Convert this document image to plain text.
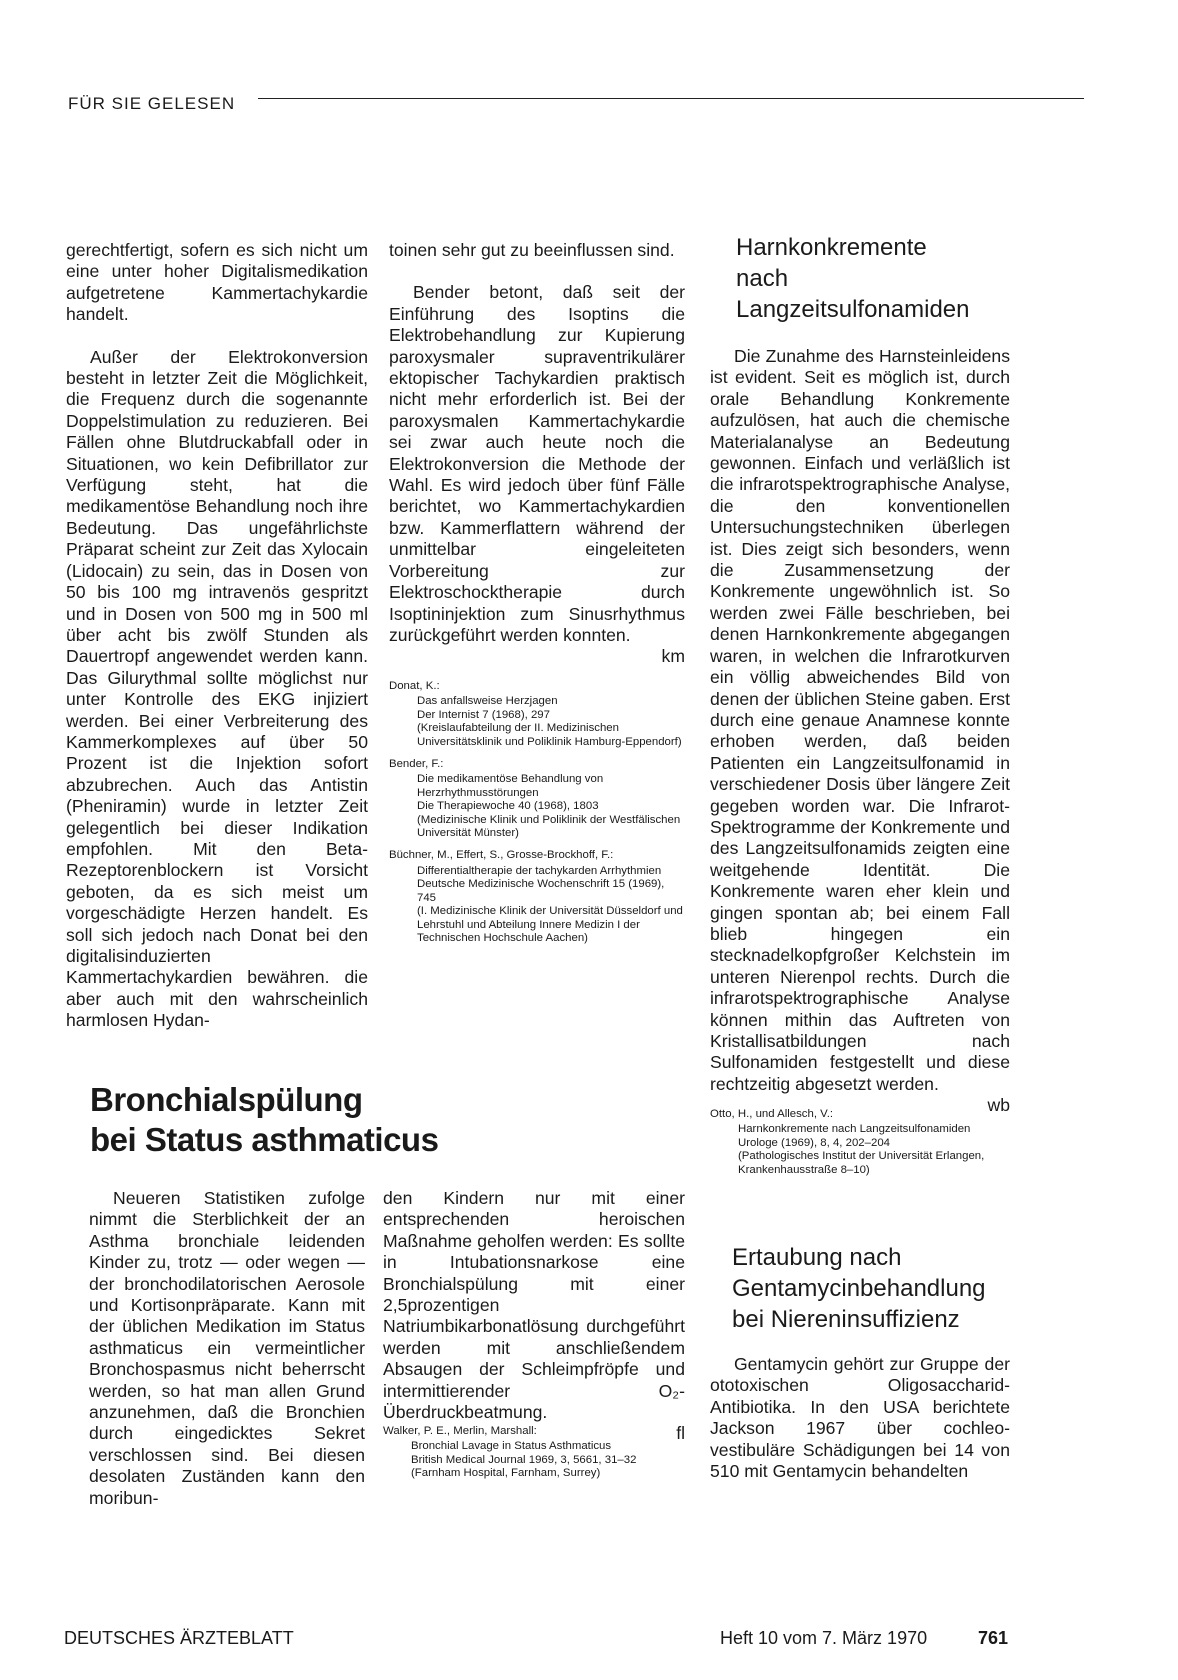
FÜR SIE GELESEN

gerechtfertigt, sofern es sich nicht um eine unter hoher Digitalismedikation aufgetretene Kammertachykardie handelt.

Außer der Elektrokonversion besteht in letzter Zeit die Möglichkeit, die Frequenz durch die sogenannte Doppelstimulation zu reduzieren. Bei Fällen ohne Blutdruckabfall oder in Situationen, wo kein Defibrillator zur Verfügung steht, hat die medikamentöse Behandlung noch ihre Bedeutung. Das ungefährlichste Präparat scheint zur Zeit das Xylocain (Lidocain) zu sein, das in Dosen von 50 bis 100 mg intravenös gespritzt und in Dosen von 500 mg in 500 ml über acht bis zwölf Stunden als Dauertropf angewendet werden kann. Das Gilurythmal sollte möglichst nur unter Kontrolle des EKG injiziert werden. Bei einer Verbreiterung des Kammerkomplexes auf über 50 Prozent ist die Injektion sofort abzubrechen. Auch das Antistin (Pheniramin) wurde in letzter Zeit gelegentlich bei dieser Indikation empfohlen. Mit den Beta-Rezeptorenblockern ist Vorsicht geboten, da es sich meist um vorgeschädigte Herzen handelt. Es soll sich jedoch nach Donat bei den digitalisinduzierten Kammertachykardien bewähren. die aber auch mit den wahrscheinlich harmlosen Hydan-

toinen sehr gut zu beeinflussen sind.

Bender betont, daß seit der Einführung des Isoptins die Elektrobehandlung zur Kupierung paroxysmaler supraventrikulärer ektopischer Tachykardien praktisch nicht mehr erforderlich ist. Bei der paroxysmalen Kammertachykardie sei zwar auch heute noch die Elektrokonversion die Methode der Wahl. Es wird jedoch über fünf Fälle berichtet, wo Kammertachykardien bzw. Kammerflattern während der unmittelbar eingeleiteten Vorbereitung zur Elektroschocktherapie durch Isoptininjektion zum Sinusrhythmus zurückgeführt werden konnten.

km
Donat, K.:
Das anfallsweise Herzjagen
Der Internist 7 (1968), 297
(Kreislaufabteilung der II. Medizinischen Universitätsklinik und Poliklinik Hamburg-Eppendorf)
Bender, F.:
Die medikamentöse Behandlung von Herzrhythmusstörungen
Die Therapiewoche 40 (1968), 1803
(Medizinische Klinik und Poliklinik der Westfälischen Universität Münster)
Büchner, M., Effert, S., Grosse-Brockhoff, F.:
Differentialtherapie der tachykarden Arrhythmien
Deutsche Medizinische Wochenschrift 15 (1969), 745
(I. Medizinische Klinik der Universität Düsseldorf und Lehrstuhl und Abteilung Innere Medizin I der Technischen Hochschule Aachen)
Harnkonkremente
nach
Langzeitsulfonamiden

Die Zunahme des Harnsteinleidens ist evident. Seit es möglich ist, durch orale Behandlung Konkremente aufzulösen, hat auch die chemische Materialanalyse an Bedeutung gewonnen. Einfach und verläßlich ist die infrarotspektrographische Analyse, die den konventionellen Untersuchungstechniken überlegen ist. Dies zeigt sich besonders, wenn die Zusammensetzung der Konkremente ungewöhnlich ist. So werden zwei Fälle beschrieben, bei denen Harnkonkremente abgegangen waren, in welchen die Infrarotkurven ein völlig abweichendes Bild von denen der üblichen Steine gaben. Erst durch eine genaue Anamnese konnte erhoben werden, daß beiden Patienten ein Langzeitsulfonamid in verschiedener Dosis über längere Zeit gegeben worden war. Die Infrarot-Spektrogramme der Konkremente und des Langzeitsulfonamids zeigten eine weitgehende Identität. Die Konkremente waren eher klein und gingen spontan ab; bei einem Fall blieb hingegen ein stecknadelkopfgroßer Kelchstein im unteren Nierenpol rechts. Durch die infrarotspektrographische Analyse können mithin das Auftreten von Kristallisatbildungen nach Sulfonamiden festgestellt und diese rechtzeitig abgesetzt werden.

wb
Otto, H., und Allesch, V.:
Harnkonkremente nach Langzeitsulfonamiden
Urologe (1969), 8, 4, 202–204
(Pathologisches Institut der Universität Erlangen, Krankenhausstraße 8–10)
Bronchialspülung
bei Status asthmaticus

Neueren Statistiken zufolge nimmt die Sterblichkeit der an Asthma bronchiale leidenden Kinder zu, trotz — oder wegen — der bronchodilatorischen Aerosole und Kortisonpräparate. Kann mit der üblichen Medikation im Status asthmaticus ein vermeintlicher Bronchospasmus nicht beherrscht werden, so hat man allen Grund anzunehmen, daß die Bronchien durch eingedicktes Sekret verschlossen sind. Bei diesen desolaten Zuständen kann den moribun-

den Kindern nur mit einer entsprechenden heroischen Maßnahme geholfen werden: Es sollte in Intubationsnarkose eine Bronchialspülung mit einer 2,5prozentigen Natriumbikarbonatlösung durchgeführt werden mit anschließendem Absaugen der Schleimpfröpfe und intermittierender O₂-Überdruckbeatmung.

fl
Walker, P. E., Merlin, Marshall:
Bronchial Lavage in Status Asthmaticus
British Medical Journal 1969, 3, 5661, 31–32
(Farnham Hospital, Farnham, Surrey)
Ertaubung nach
Gentamycinbehandlung
bei Niereninsuffizienz

Gentamycin gehört zur Gruppe der ototoxischen Oligosaccharid-Antibiotika. In den USA berichtete Jackson 1967 über cochleo-vestibuläre Schädigungen bei 14 von 510 mit Gentamycin behandelten

DEUTSCHES ÄRZTEBLATT	Heft 10 vom 7. März 1970	761
